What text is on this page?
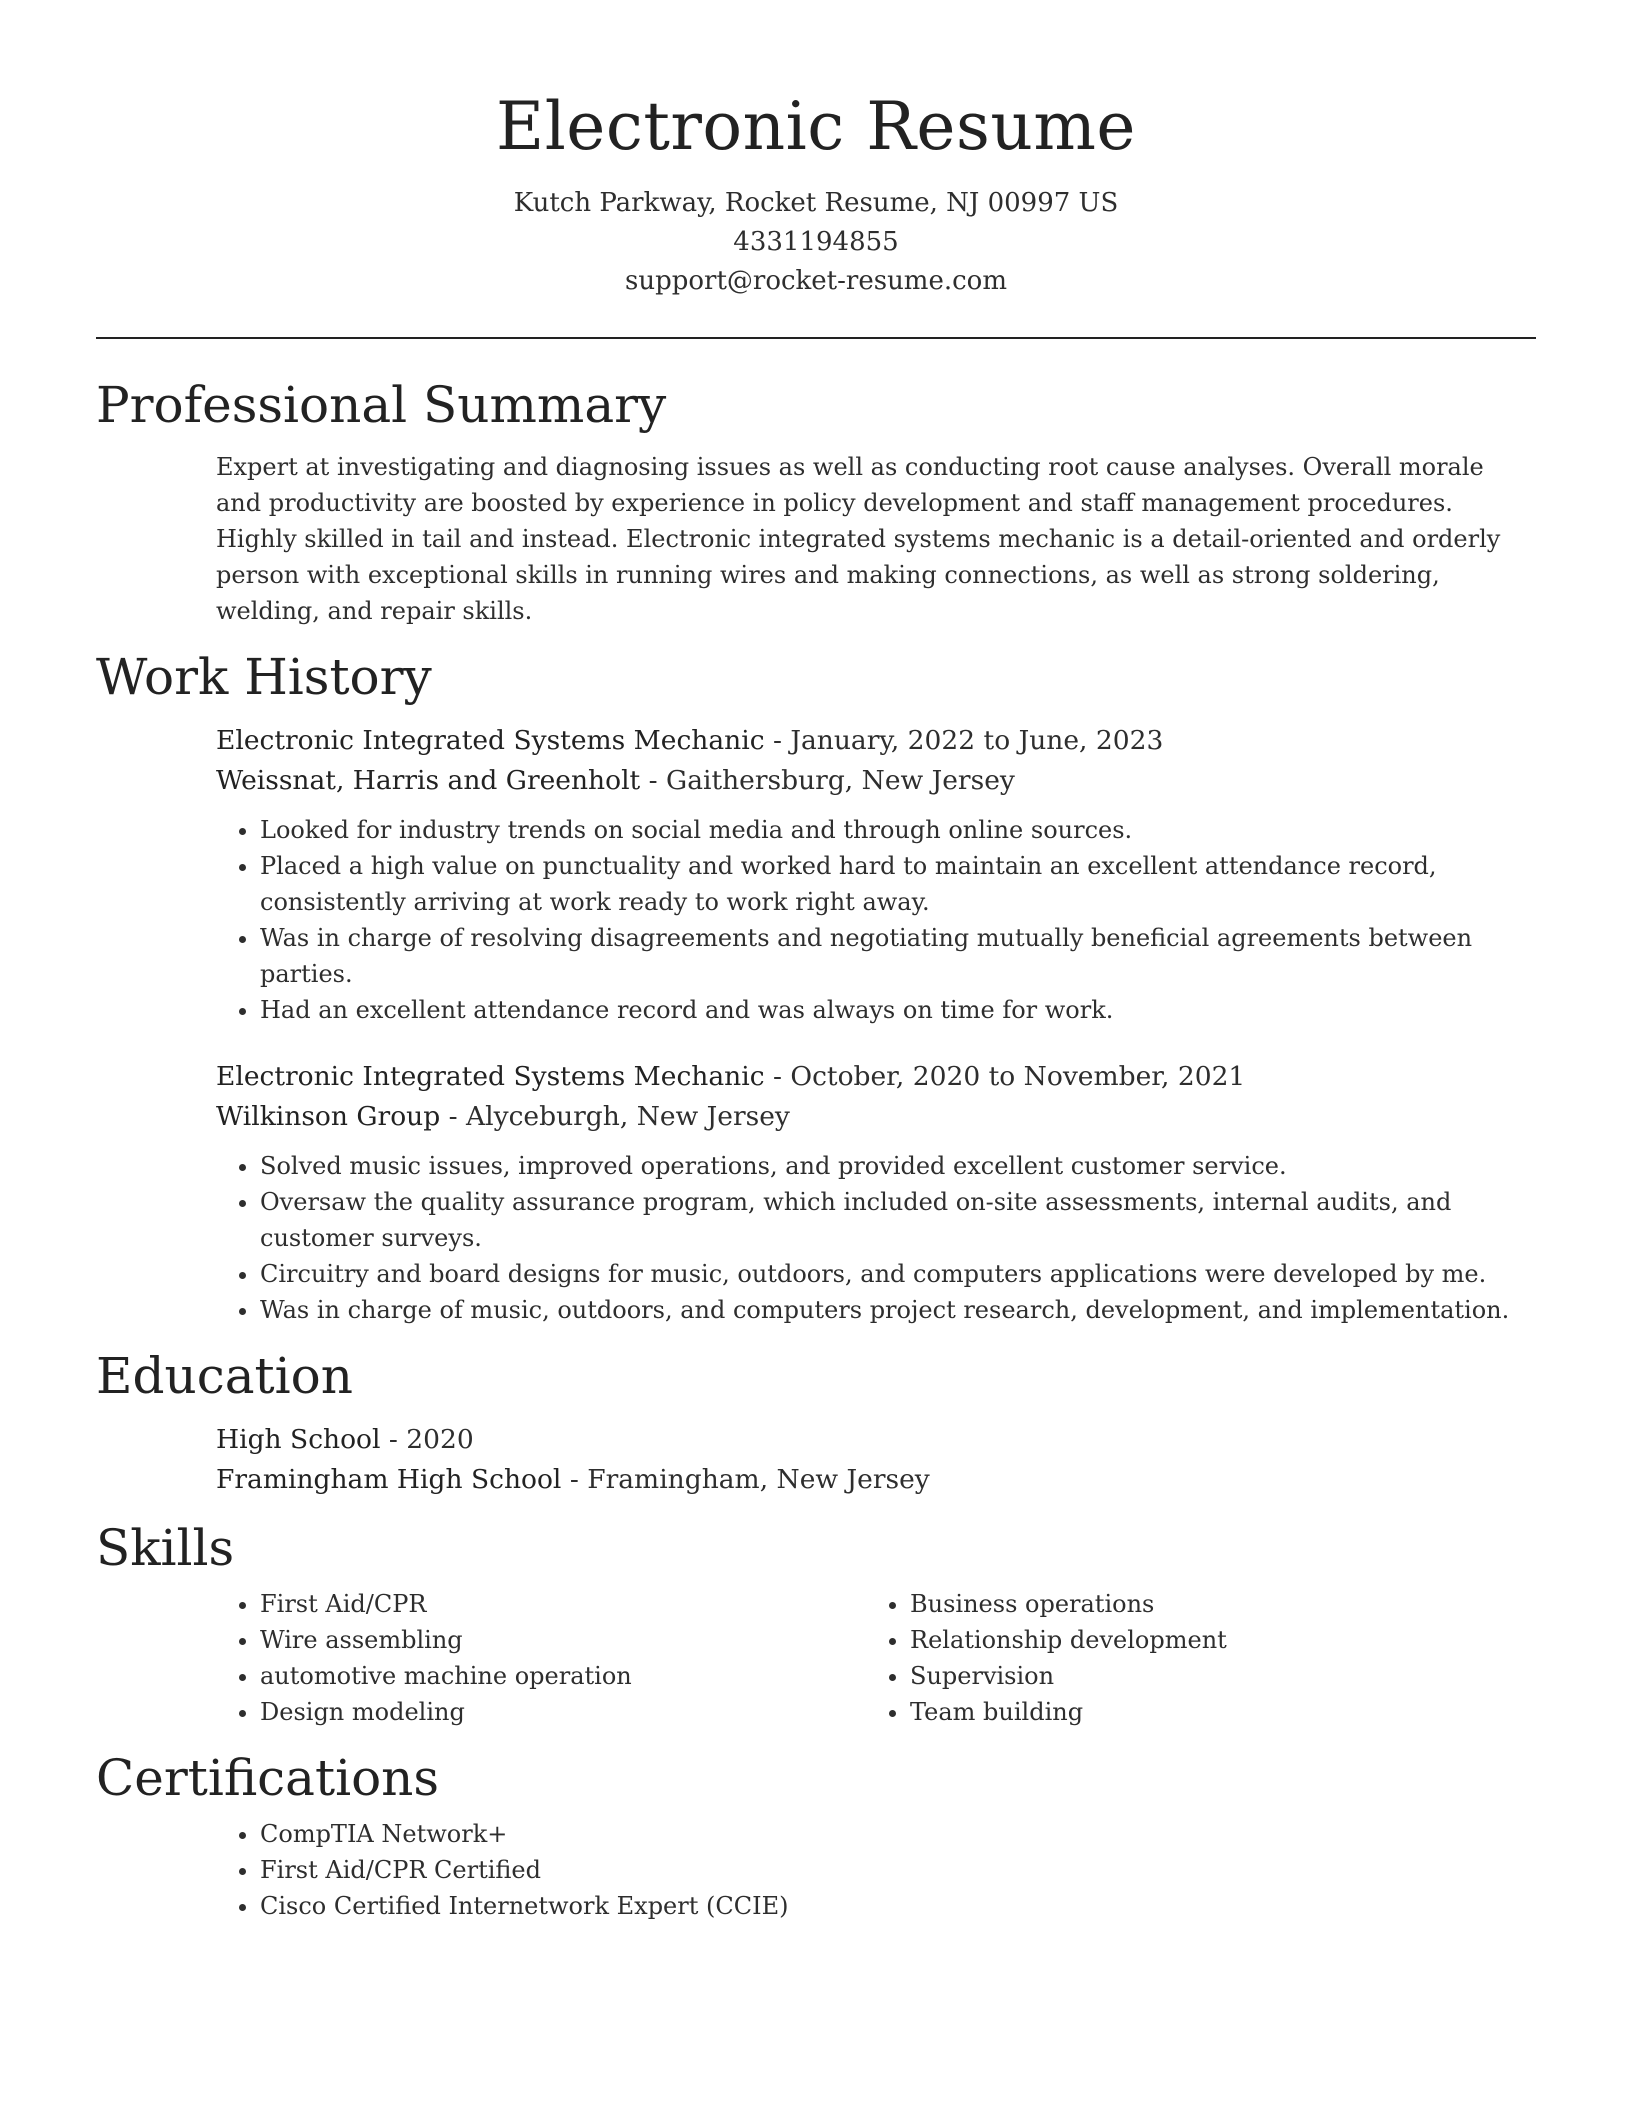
Electronic Resume
Kutch Parkway, Rocket Resume, NJ 00997 US
4331194855
support@rocket-resume.com
Professional Summary

Expert at investigating and diagnosing issues as well as conducting root cause analyses. Overall morale and productivity are boosted by experience in policy development and staff management procedures. Highly skilled in tail and instead. Electronic integrated systems mechanic is a detail-oriented and orderly person with exceptional skills in running wires and making connections, as well as strong soldering, welding, and repair skills.

Work History
Electronic Integrated Systems Mechanic - January, 2022 to June, 2023
Weissnat, Harris and Greenholt - Gaithersburg, New Jersey
• Looked for industry trends on social media and through online sources.
• Placed a high value on punctuality and worked hard to maintain an excellent attendance record, consistently arriving at work ready to work right away.
• Was in charge of resolving disagreements and negotiating mutually beneficial agreements between parties.
• Had an excellent attendance record and was always on time for work.
Electronic Integrated Systems Mechanic - October, 2020 to November, 2021
Wilkinson Group - Alyceburgh, New Jersey
• Solved music issues, improved operations, and provided excellent customer service.
• Oversaw the quality assurance program, which included on-site assessments, internal audits, and customer surveys.
• Circuitry and board designs for music, outdoors, and computers applications were developed by me.
• Was in charge of music, outdoors, and computers project research, development, and implementation.
Education
High School - 2020
Framingham High School - Framingham, New Jersey
Skills
• First Aid/CPR
• Wire assembling
• automotive machine operation
• Design modeling
• Business operations
• Relationship development
• Supervision
• Team building
Certifications
• CompTIA Network+
• First Aid/CPR Certified
• Cisco Certified Internetwork Expert (CCIE)
